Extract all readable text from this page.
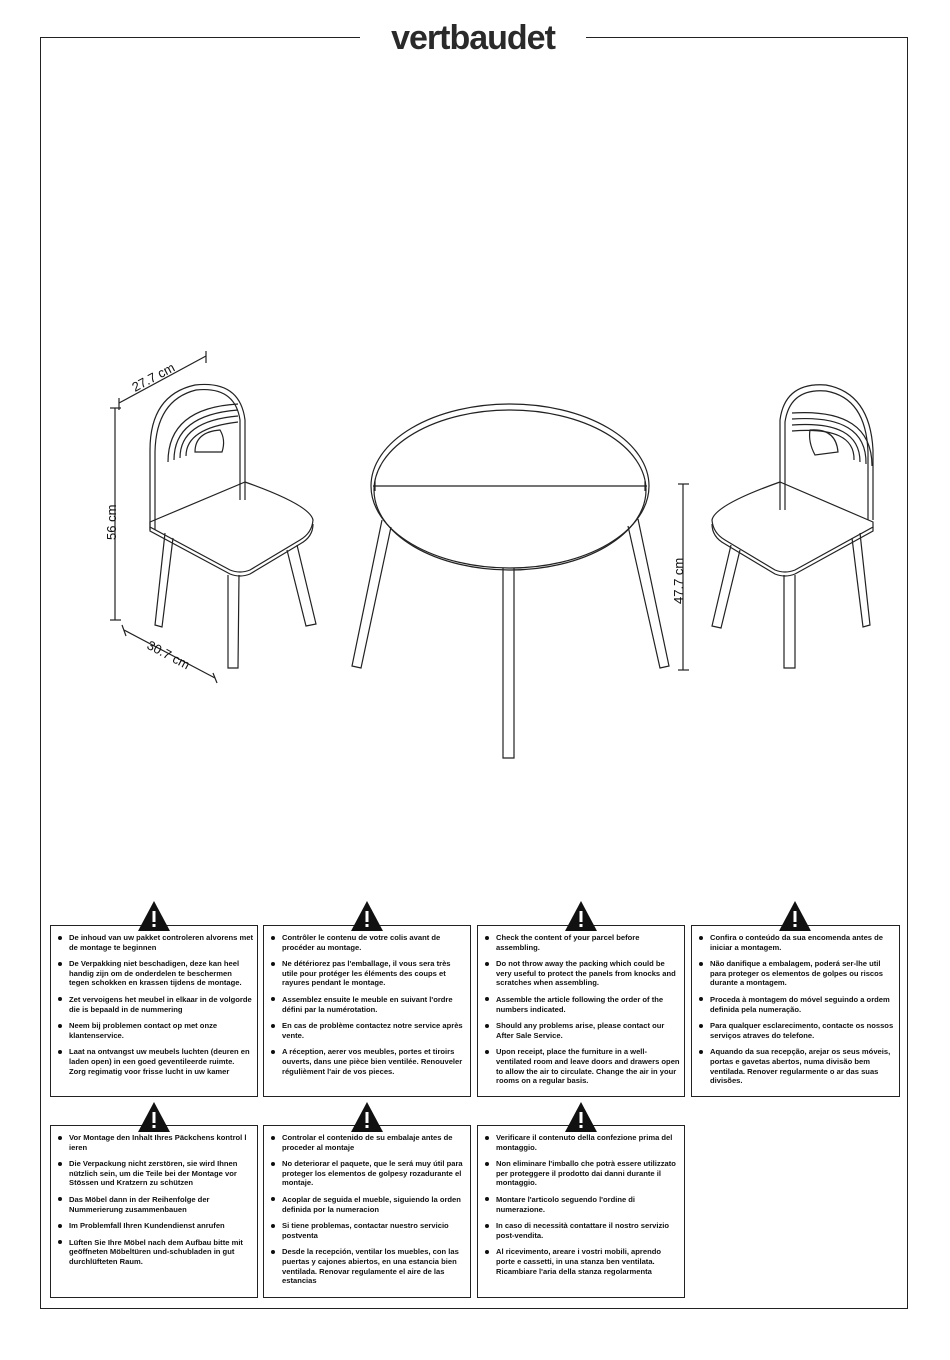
vertbaudet
27.7 cm
56 cm
30.7 cm
47.7 cm
De inhoud van uw pakket controleren alvorens met de montage te beginnen
De Verpakking niet beschadigen, deze kan heel handig zijn om de onderdelen te beschermen tegen schokken en krassen tijdens de montage.
Zet vervoigens het meubel in elkaar in de volgorde die is bepaald in de nummering
Neem bij problemen contact op met onze klantenservice.
Laat na ontvangst uw meubels luchten (deuren en laden open) in een goed geventileerde ruimte. Zorg regimatig voor frisse lucht in uw kamer
Contrôler le contenu de votre colis avant de procéder au montage.
Ne détériorez pas l'emballage, il vous sera très utile pour protéger les éléments des coups et rayures pendant le montage.
Assemblez ensuite le meuble en suivant l'ordre défini par la numérotation.
En cas de problème contactez notre service après vente.
A réception, aerer vos meubles, portes et tiroirs ouverts, dans une pièce bien ventilée. Renouveler régulièment l'air de vos pieces.
Check the content of your parcel before assembling.
Do not throw away the packing which could be very useful to protect the panels from knocks and scratches when assembling.
Assemble the article following the order of the numbers indicated.
Should any problems arise, please contact our After Sale Service.
Upon receipt, place the furniture in a well-ventilated room and leave doors and drawers open to allow the air to circulate. Change the air in your rooms on a regular basis.
Confira o conteúdo da sua encomenda antes de iniciar a montagem.
Não danifique a embalagem, poderá ser-lhe util para proteger os elementos de golpes ou riscos durante a montagem.
Proceda à montagem do móvel seguindo a ordem definida pela numeração.
Para qualquer esclarecimento, contacte os nossos serviços atraves do telefone.
Aquando da sua recepção, arejar os seus móveis, portas e gavetas abertos, numa divisão bem ventilada. Renover regularmente o ar das suas divisões.
Vor Montage den Inhalt Ihres Päckchens kontrol l ieren
Die Verpackung nicht zerstören, sie wird Ihnen nützlich sein, um die Teile bei der Montage vor Stössen und Kratzern zu schützen
Das Möbel dann in der Reihenfolge der Nummerierung zusammenbauen
Im Problemfall Ihren Kundendienst anrufen
Lüften Sie Ihre Möbel nach dem Aufbau bitte mit geöffneten Möbeltüren und-schubladen in gut durchlüfteten Raum.
Controlar el contenido de su embalaje antes de proceder al montaje
No deteriorar el paquete, que le será muy útil para proteger los elementos de golpesy rozadurante el montaje.
Acoplar de seguida el mueble, siguiendo la orden definida por la numeracion
Si tiene problemas, contactar nuestro servicio postventa
Desde la recepción, ventilar los muebles, con las puertas y cajones abiertos, en una estancia bien ventilada. Renovar regulamente el aire de las estancias
Verificare il contenuto della confezione prima del montaggio.
Non eliminare l'imballo che potrà essere utilizzato per proteggere il prodotto dai danni durante il montaggio.
Montare l'articolo seguendo l'ordine di numerazione.
In caso di necessità contattare il nostro servizio post-vendita.
Al ricevimento, areare i vostri mobili, aprendo porte e cassetti, in una stanza ben ventilata. Ricambiare l'aria della stanza regolarmenta
